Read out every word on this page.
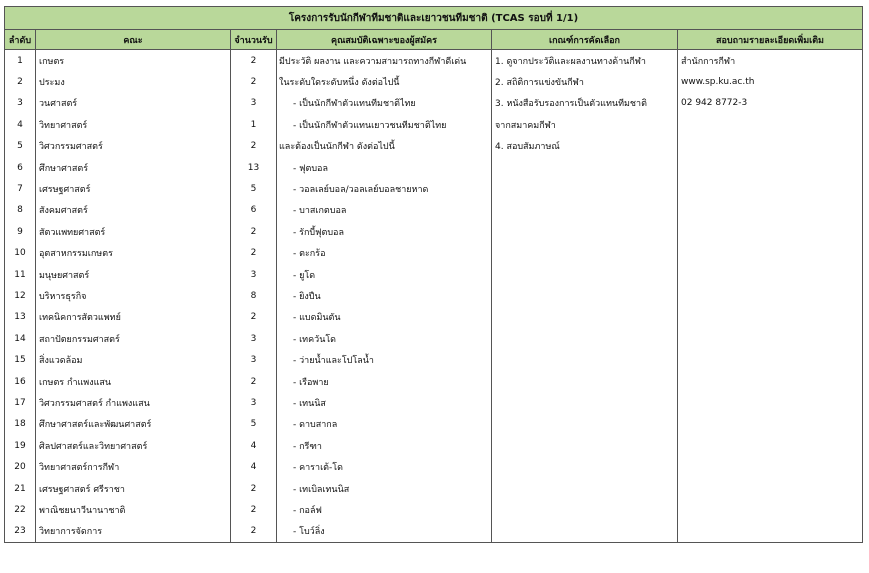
โครงการรับนักกีฬาทีมชาติและเยาวชนทีมชาติ (TCAS รอบที่ 1/1)					
ลำดับ	คณะ	จำนวนรับ	คุณสมบัติเฉพาะของผู้สมัคร	เกณฑ์การคัดเลือก	สอบถามรายละเอียดเพิ่มเติม
1	เกษตร	2	มีประวัติ ผลงาน และความสามารถทางกีฬาดีเด่น	1. ดูจากประวัติและผลงานทางด้านกีฬา	สำนักการกีฬา
2	ประมง	2	ในระดับใดระดับหนึ่ง ดังต่อไปนี้	2. สถิติการแข่งขันกีฬา	www.sp.ku.ac.th
3	วนศาสตร์	3	- เป็นนักกีฬาตัวแทนทีมชาติไทย	3. หนังสือรับรองการเป็นตัวแทนทีมชาติ	02 942 8772-3
4	วิทยาศาสตร์	1	- เป็นนักกีฬาตัวแทนเยาวชนทีมชาติไทย	จากสมาคมกีฬา	
5	วิศวกรรมศาสตร์	2	และต้องเป็นนักกีฬา ดังต่อไปนี้	4. สอบสัมภาษณ์	
6	ศึกษาศาสตร์	13	- ฟุตบอล		
7	เศรษฐศาสตร์	5	- วอลเลย์บอล/วอลเลย์บอลชายหาด		
8	สังคมศาสตร์	6	- บาสเกตบอล		
9	สัตวแพทยศาสตร์	2	- รักบี้ฟุตบอล		
10	อุตสาหกรรมเกษตร	2	- ตะกร้อ		
11	มนุษยศาสตร์	3	- ยูโด		
12	บริหารธุรกิจ	8	- ยิงปืน		
13	เทคนิคการสัตวแพทย์	2	- แบดมินตัน		
14	สถาปัตยกรรมศาสตร์	3	- เทควันโด		
15	สิ่งแวดล้อม	3	- ว่ายน้ำและโปโลน้ำ		
16	เกษตร กำแพงแสน	2	- เรือพาย		
17	วิศวกรรมศาสตร์ กำแพงแสน	3	- เทนนิส		
18	ศึกษาศาสตร์และพัฒนศาสตร์	5	- ดาบสากล		
19	ศิลปศาสตร์และวิทยาศาสตร์	4	- กรีฑา		
20	วิทยาศาสตร์การกีฬา	4	- คาราเต้-โด		
21	เศรษฐศาสตร์ ศรีราชา	2	- เทเบิลเทนนิส		
22	พาณิชยนาวีนานาชาติ	2	- กอล์ฟ		
23	วิทยาการจัดการ	2	- โบว์ลิ่ง		
